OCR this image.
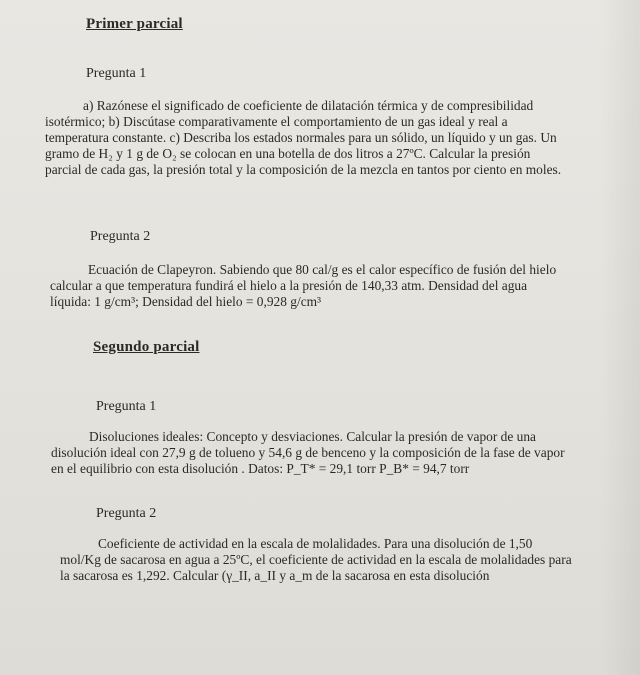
Primer parcial
Pregunta 1
a) Razónese el significado de coeficiente de dilatación térmica y de compresibilidad
isotérmico; b) Discútase comparativamente el comportamiento de un gas ideal y real a
temperatura constante. c) Describa los estados normales para un sólido, un líquido y un gas. Un
gramo de H₂ y 1 g de O₂ se colocan en una botella de dos litros a 27ºC. Calcular la presión
parcial de cada gas, la presión total y la composición de la mezcla en tantos por ciento en moles.
Pregunta 2
Ecuación de Clapeyron. Sabiendo que 80 cal/g es el calor específico de fusión del hielo
calcular a que temperatura fundirá el hielo a la presión de 140,33 atm. Densidad del agua
líquida: 1 g/cm³; Densidad del hielo = 0,928 g/cm³
Segundo parcial
Pregunta 1
Disoluciones ideales: Concepto y desviaciones. Calcular la presión de vapor de una
disolución ideal con 27,9 g de tolueno y 54,6 g de benceno y la composición de la fase de vapor
en el equilibrio con esta disolución . Datos: P_T* = 29,1 torr P_B* = 94,7 torr
Pregunta 2
Coeficiente de actividad en la escala de molalidades. Para una disolución de 1,50
mol/Kg de sacarosa en agua a 25ºC, el coeficiente de actividad en la escala de molalidades para
la sacarosa es 1,292. Calcular (γ_II, a_II y a_m de la sacarosa en esta disolución
